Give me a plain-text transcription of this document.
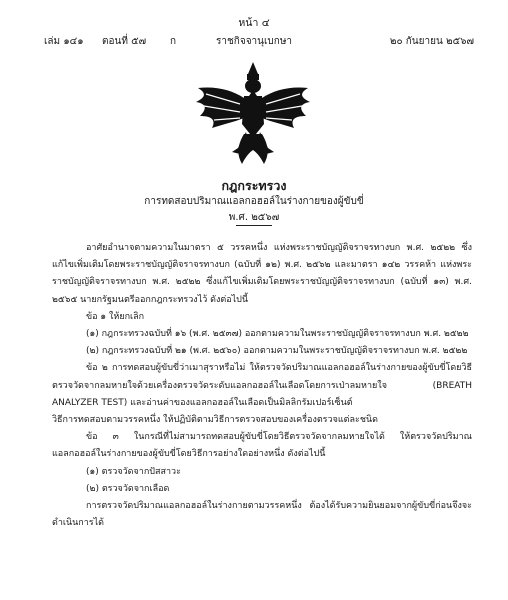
หน้า ๔
เล่ม ๑๔๑ ตอนที่ ๕๗ ก	ราชกิจจานุเบกษา	๒๐ กันยายน ๒๕๖๗
กฎกระทรวง
การทดสอบปริมาณแอลกอฮอล์ในร่างกายของผู้ขับขี่
พ.ศ. ๒๕๖๗

อาศัยอำนาจตามความในมาตรา ๕ วรรคหนึ่ง แห่งพระราชบัญญัติจราจรทางบก พ.ศ. ๒๕๒๒ ซึ่งแก้ไขเพิ่มเติมโดยพระราชบัญญัติจราจรทางบก (ฉบับที่ ๑๒) พ.ศ. ๒๕๖๒ และมาตรา ๑๔๒ วรรคห้า แห่งพระราชบัญญัติจราจรทางบก พ.ศ. ๒๕๒๒ ซึ่งแก้ไขเพิ่มเติมโดยพระราชบัญญัติจราจรทางบก (ฉบับที่ ๑๓) พ.ศ. ๒๕๖๕ นายกรัฐมนตรีออกกฎกระทรวงไว้ ดังต่อไปนี้

ข้อ ๑ ให้ยกเลิก

(๑) กฎกระทรวงฉบับที่ ๑๖ (พ.ศ. ๒๕๓๗) ออกตามความในพระราชบัญญัติจราจรทางบก พ.ศ. ๒๕๒๒

(๒) กฎกระทรวงฉบับที่ ๒๑ (พ.ศ. ๒๕๖๐) ออกตามความในพระราชบัญญัติจราจรทางบก พ.ศ. ๒๕๒๒

ข้อ ๒ การทดสอบผู้ขับขี่ว่าเมาสุราหรือไม่ ให้ตรวจวัดปริมาณแอลกอฮอล์ในร่างกายของผู้ขับขี่โดยวิธีตรวจวัดจากลมหายใจด้วยเครื่องตรวจวัดระดับแอลกอฮอล์ในเลือดโดยการเป่าลมหายใจ (BREATH ANALYZER TEST) และอ่านค่าของแอลกอฮอล์ในเลือดเป็นมิลลิกรัมเปอร์เซ็นต์

วิธีการทดสอบตามวรรคหนึ่ง ให้ปฏิบัติตามวิธีการตรวจสอบของเครื่องตรวจแต่ละชนิด

ข้อ ๓ ในกรณีที่ไม่สามารถทดสอบผู้ขับขี่โดยวิธีตรวจวัดจากลมหายใจได้ ให้ตรวจวัดปริมาณแอลกอฮอล์ในร่างกายของผู้ขับขี่โดยวิธีการอย่างใดอย่างหนึ่ง ดังต่อไปนี้

(๑) ตรวจวัดจากปัสสาวะ

(๒) ตรวจวัดจากเลือด

การตรวจวัดปริมาณแอลกอฮอล์ในร่างกายตามวรรคหนึ่ง ต้องได้รับความยินยอมจากผู้ขับขี่ก่อนจึงจะดำเนินการได้
